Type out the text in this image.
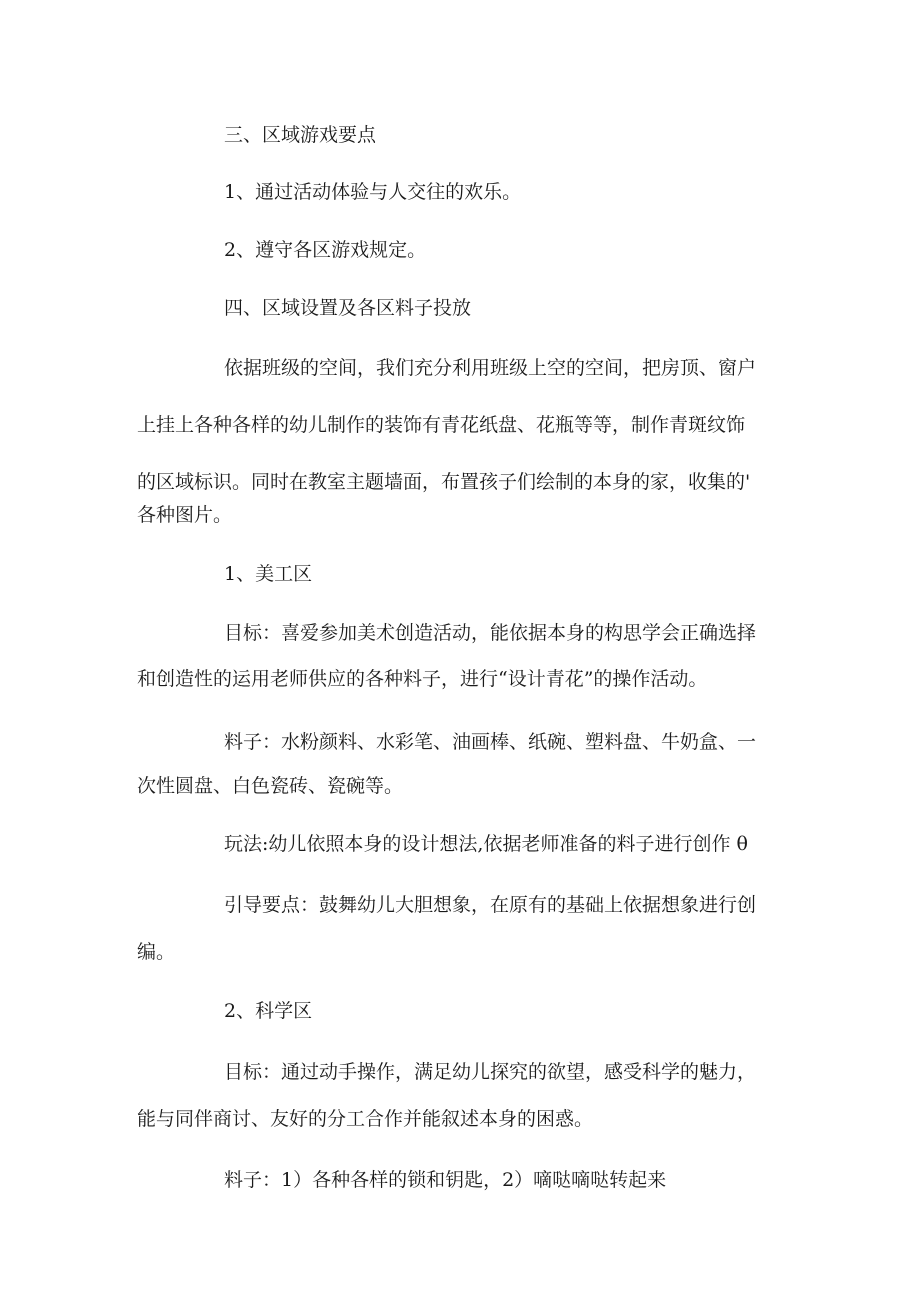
三、区域游戏要点
1、通过活动体验与人交往的欢乐。
2、遵守各区游戏规定。
四、区域设置及各区料子投放
依据班级的空间，我们充分利用班级上空的空间，把房顶、窗户
上挂上各种各样的幼儿制作的装饰有青花纸盘、花瓶等等，制作青斑纹饰
的区域标识。同时在教室主题墙面，布置孩子们绘制的本身的家，收集的'
各种图片。
1、美工区
目标：喜爱参加美术创造活动，能依据本身的构思学会正确选择
和创造性的运用老师供应的各种料子，进行“设计青花”的操作活动。
料子：水粉颜料、水彩笔、油画棒、纸碗、塑料盘、牛奶盒、一
次性圆盘、白色瓷砖、瓷碗等。
玩法:幼儿依照本身的设计想法,依据老师准备的料子进行创作 θ
引导要点：鼓舞幼儿大胆想象，在原有的基础上依据想象进行创
编。
2、科学区
目标：通过动手操作，满足幼儿探究的欲望，感受科学的魅力，
能与同伴商讨、友好的分工合作并能叙述本身的困惑。
料子：1）各种各样的锁和钥匙，2）嘀哒嘀哒转起来
